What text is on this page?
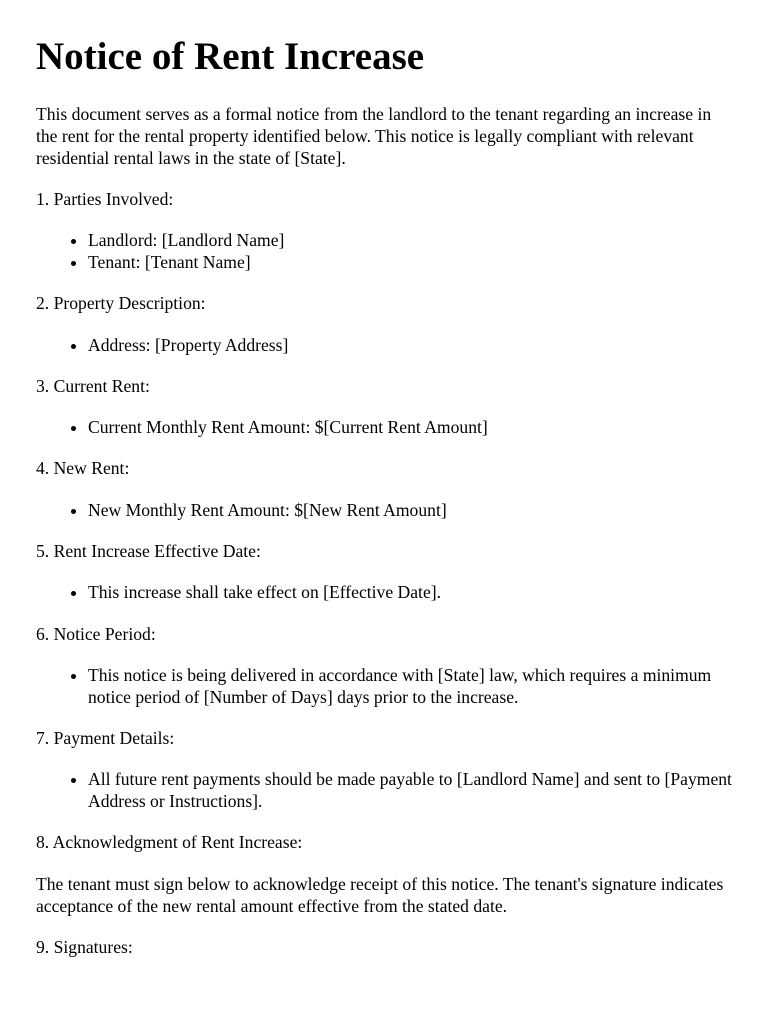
Notice of Rent Increase

This document serves as a formal notice from the landlord to the tenant regarding an increase in the rent for the rental property identified below. This notice is legally compliant with relevant residential rental laws in the state of [State].

1. Parties Involved:

• Landlord: [Landlord Name]
• Tenant: [Tenant Name]

2. Property Description:

• Address: [Property Address]

3. Current Rent:

• Current Monthly Rent Amount: $[Current Rent Amount]

4. New Rent:

• New Monthly Rent Amount: $[New Rent Amount]

5. Rent Increase Effective Date:

• This increase shall take effect on [Effective Date].

6. Notice Period:

• This notice is being delivered in accordance with [State] law, which requires a minimum notice period of [Number of Days] days prior to the increase.

7. Payment Details:

• All future rent payments should be made payable to [Landlord Name] and sent to [Payment Address or Instructions].

8. Acknowledgment of Rent Increase:

The tenant must sign below to acknowledge receipt of this notice. The tenant's signature indicates acceptance of the new rental amount effective from the stated date.

9. Signatures:
